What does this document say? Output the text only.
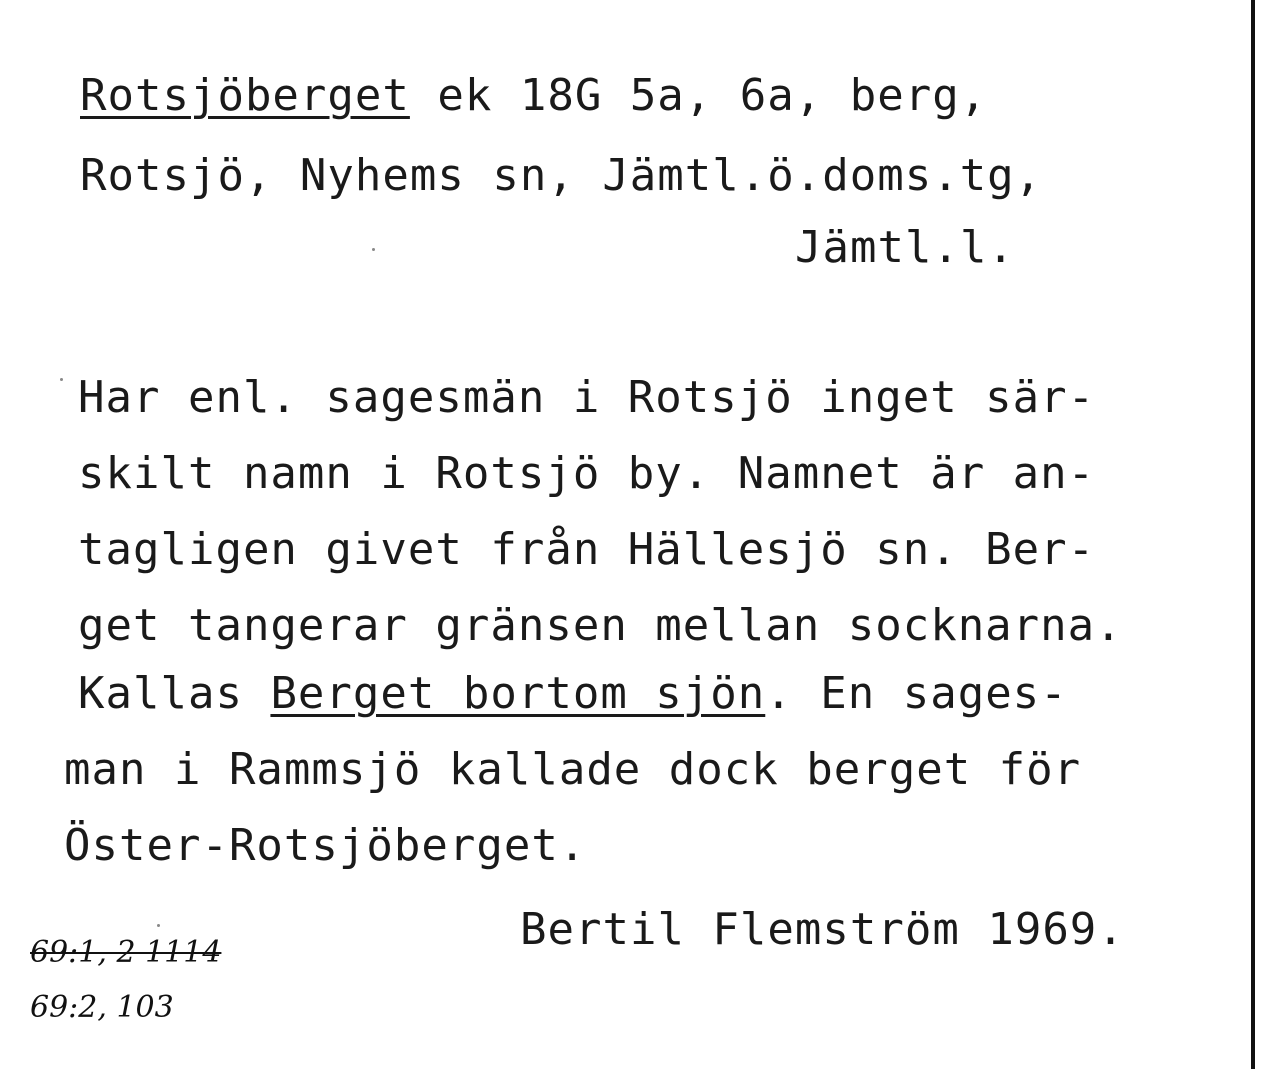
Rotsjöberget ek 18G 5a, 6a, berg,
Rotsjö, Nyhems sn, Jämtl.ö.doms.tg,
Jämtl.l.
Har enl. sagesmän i Rotsjö inget sär-
skilt namn i Rotsjö by. Namnet är an-
tagligen givet från Hällesjö sn. Ber-
get tangerar gränsen mellan socknarna.
Kallas Berget bortom sjön. En sages-
man i Rammsjö kallade dock berget för
Öster-Rotsjöberget.
Bertil Flemström 1969.
69:1, 2 1114
69:2, 103
